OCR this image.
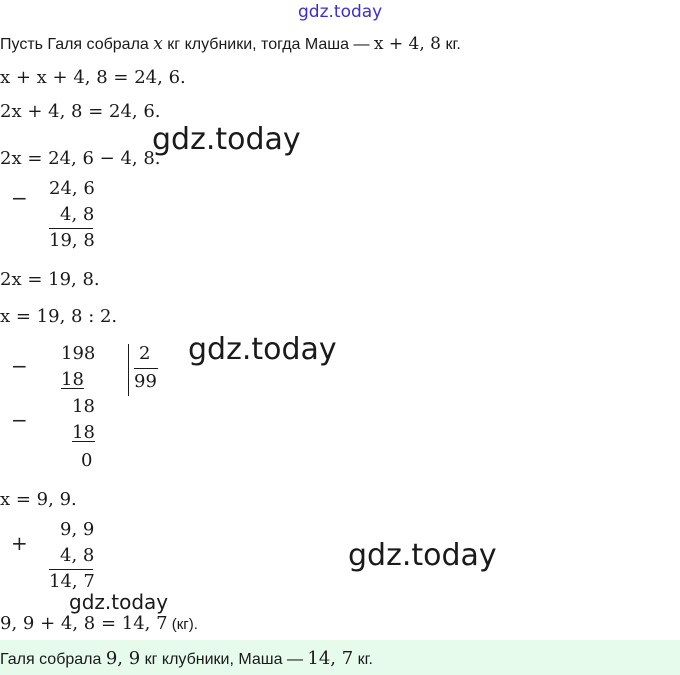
gdz.today
Пусть Галя собрала x кг клубники, тогда Маша — x + 4, 8 кг.
x + x + 4, 8 = 24, 6.
2x + 4, 8 = 24, 6.
2x = 24, 6 − 4, 8.
gdz.today
− 24, 6
4, 8
19, 8
2x = 19, 8.
x = 19, 8 : 2.
−
198
18
2
99
−
18
18
0
gdz.today
x = 9, 9.
+
9, 9
4, 8
14, 7
gdz.today
gdz.today
9, 9 + 4, 8 = 14, 7 (кг).
Галя собрала 9, 9 кг клубники, Маша — 14, 7 кг.
